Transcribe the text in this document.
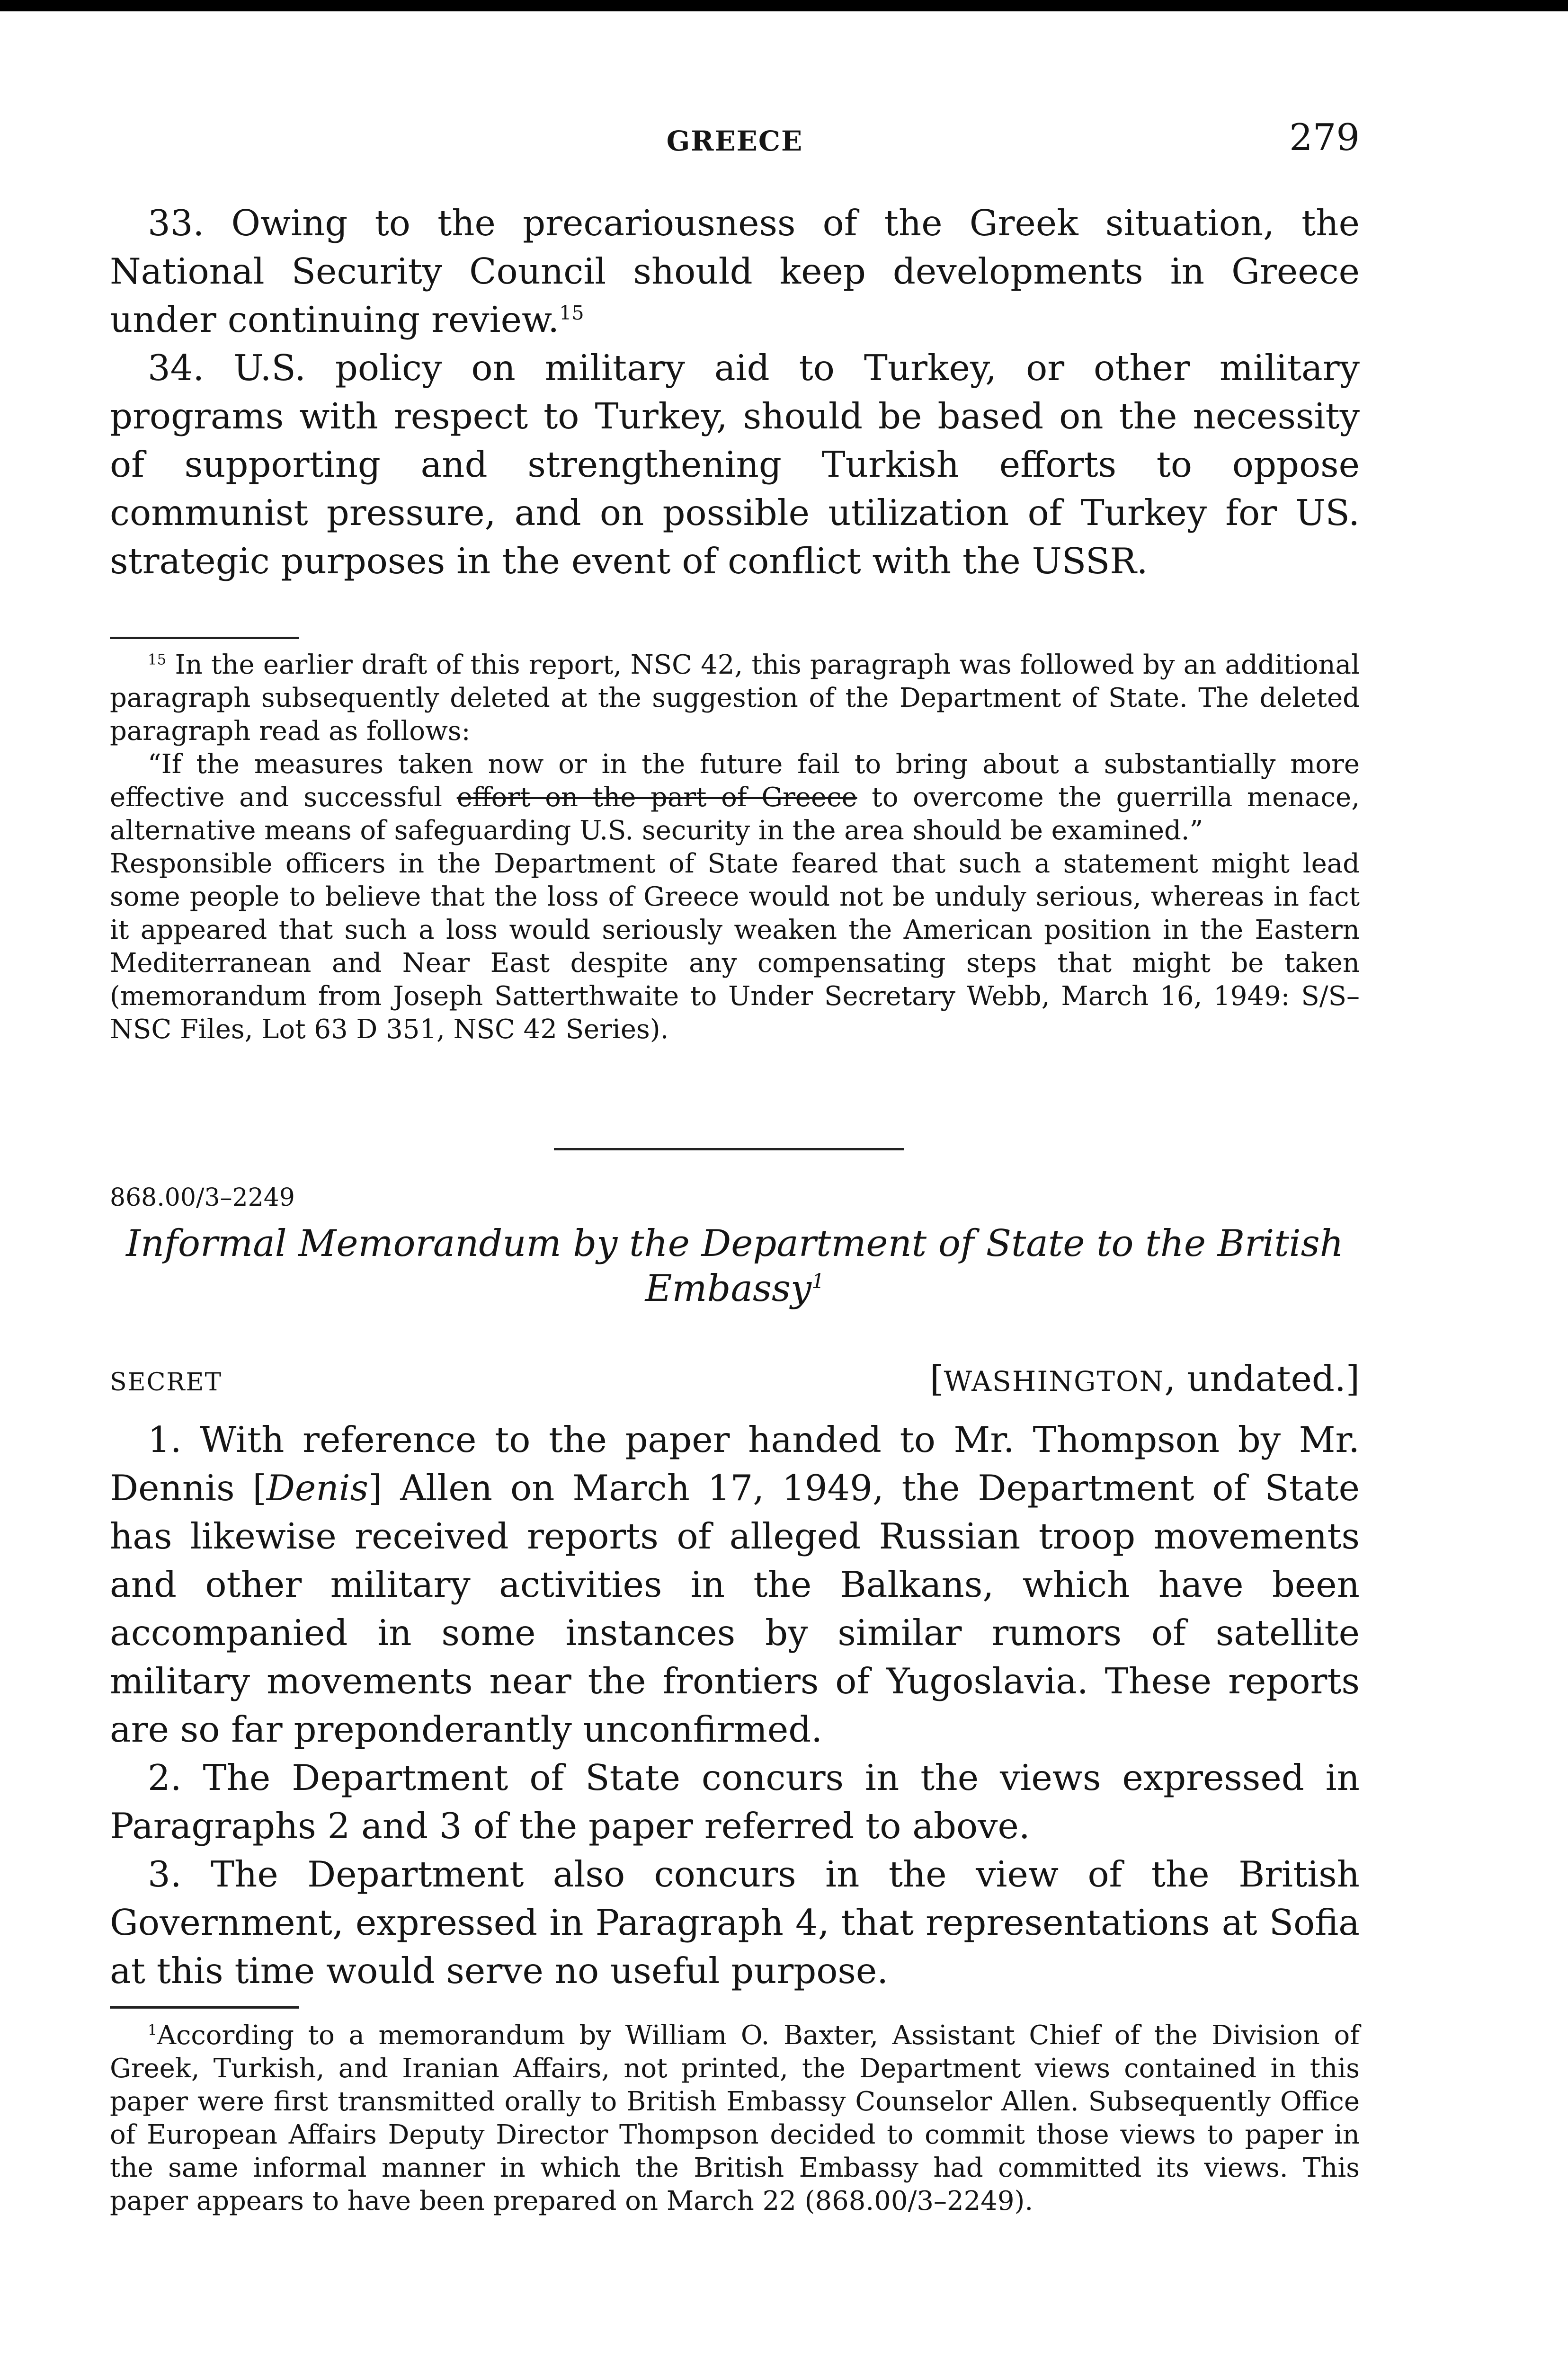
GREECE	279

33. Owing to the precariousness of the Greek situation, the National Security Council should keep developments in Greece under continuing review.$^{15}$

34. U.S. policy on military aid to Turkey, or other military programs with respect to Turkey, should be based on the necessity of supporting and strengthening Turkish efforts to oppose communist pressure, and on possible utilization of Turkey for US. strategic purposes in the event of conflict with the USSR.

$^{15}$ In the earlier draft of this report, NSC 42, this paragraph was followed by an additional paragraph subsequently deleted at the suggestion of the Department of State. The deleted paragraph read as follows:

“If the measures taken now or in the future fail to bring about a substantially more effective and successful effort on the part of Greece to overcome the guerrilla menace, alternative means of safeguarding U.S. security in the area should be examined.”

Responsible officers in the Department of State feared that such a statement might lead some people to believe that the loss of Greece would not be unduly serious, whereas in fact it appeared that such a loss would seriously weaken the American position in the Eastern Mediterranean and Near East despite any compensating steps that might be taken (memorandum from Joseph Satterthwaite to Under Secretary Webb, March 16, 1949: S/S–NSC Files, Lot 63 D 351, NSC 42 Series).

868.00/3–2249
Informal Memorandum by the Department of State to the British
Embassy$^1$
SECRET	[WASHINGTON, undated.]

1. With reference to the paper handed to Mr. Thompson by Mr. Dennis [Denis] Allen on March 17, 1949, the Department of State has likewise received reports of alleged Russian troop movements and other military activities in the Balkans, which have been accompanied in some instances by similar rumors of satellite military movements near the frontiers of Yugoslavia. These reports are so far preponderantly unconfirmed.

2. The Department of State concurs in the views expressed in Paragraphs 2 and 3 of the paper referred to above.

3. The Department also concurs in the view of the British Government, expressed in Paragraph 4, that representations at Sofia at this time would serve no useful purpose.

$^1$According to a memorandum by William O. Baxter, Assistant Chief of the Division of Greek, Turkish, and Iranian Affairs, not printed, the Department views contained in this paper were first transmitted orally to British Embassy Counselor Allen. Subsequently Office of European Affairs Deputy Director Thompson decided to commit those views to paper in the same informal manner in which the British Embassy had committed its views. This paper appears to have been prepared on March 22 (868.00/3–2249).
